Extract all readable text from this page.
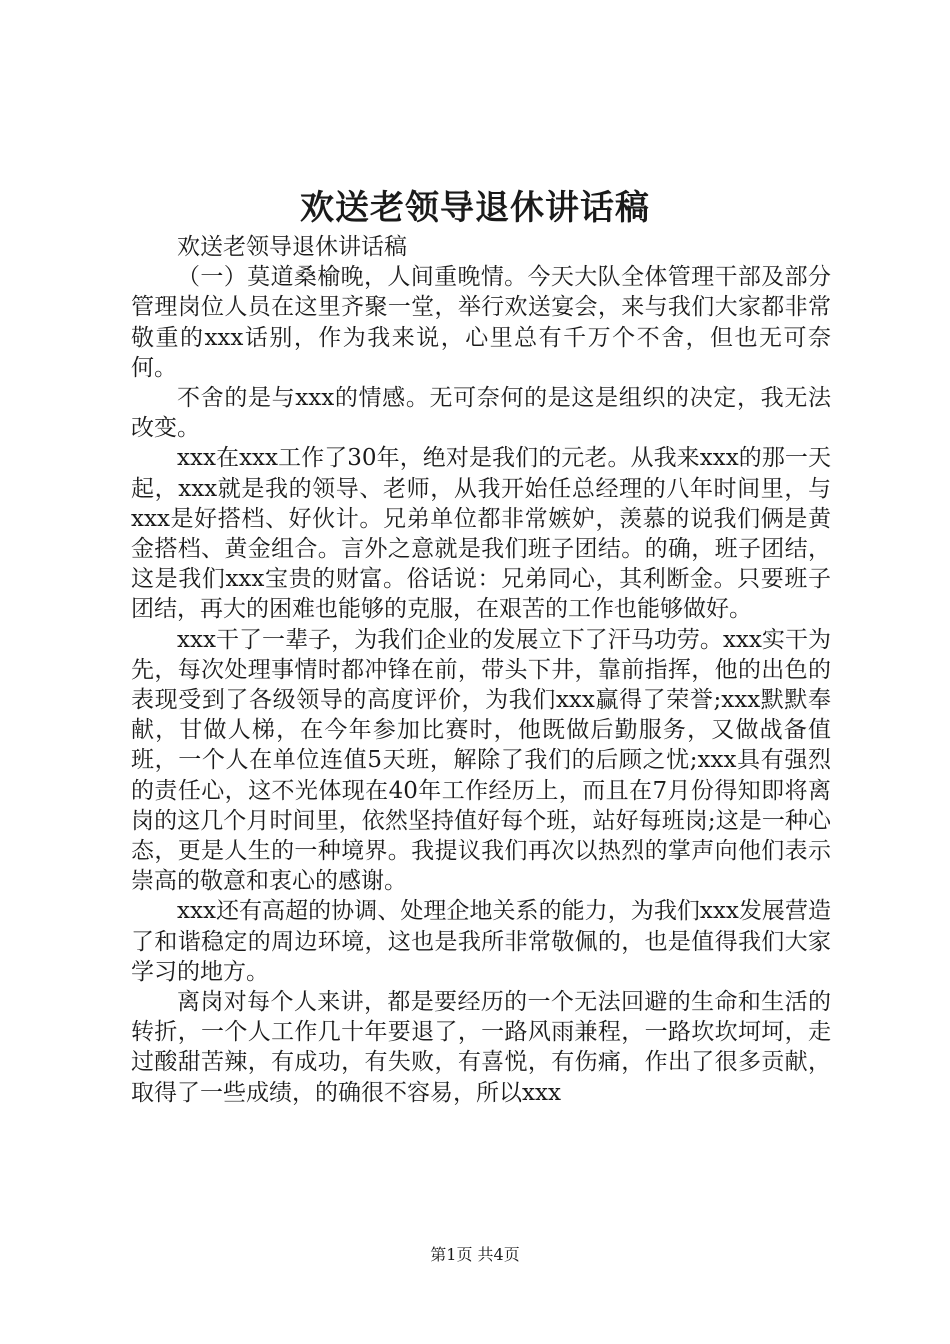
欢送老领导退休讲话稿

欢送老领导退休讲话稿

（一）莫道桑榆晚，人间重晚情。今天大队全体管理干部及部分管理岗位人员在这里齐聚一堂，举行欢送宴会，来与我们大家都非常敬重的xxx话别，作为我来说，心里总有千万个不舍，但也无可奈何。

不舍的是与xxx的情感。无可奈何的是这是组织的决定，我无法改变。

xxx在xxx工作了30年，绝对是我们的元老。从我来xxx的那一天起，xxx就是我的领导、老师，从我开始任总经理的八年时间里，与xxx是好搭档、好伙计。兄弟单位都非常嫉妒，羡慕的说我们俩是黄金搭档、黄金组合。言外之意就是我们班子团结。的确，班子团结，这是我们xxx宝贵的财富。俗话说：兄弟同心，其利断金。只要班子团结，再大的困难也能够的克服，在艰苦的工作也能够做好。

xxx干了一辈子，为我们企业的发展立下了汗马功劳。xxx实干为先，每次处理事情时都冲锋在前，带头下井，靠前指挥，他的出色的表现受到了各级领导的高度评价，为我们xxx赢得了荣誉;xxx默默奉献，甘做人梯，在今年参加比赛时，他既做后勤服务，又做战备值班，一个人在单位连值5天班，解除了我们的后顾之忧;xxx具有强烈的责任心，这不光体现在40年工作经历上，而且在7月份得知即将离岗的这几个月时间里，依然坚持值好每个班，站好每班岗;这是一种心态，更是人生的一种境界。我提议我们再次以热烈的掌声向他们表示崇高的敬意和衷心的感谢。

xxx还有高超的协调、处理企地关系的能力，为我们xxx发展营造了和谐稳定的周边环境，这也是我所非常敬佩的，也是值得我们大家学习的地方。

离岗对每个人来讲，都是要经历的一个无法回避的生命和生活的转折，一个人工作几十年要退了，一路风雨兼程，一路坎坎坷坷，走过酸甜苦辣，有成功，有失败，有喜悦，有伤痛，作出了很多贡献，取得了一些成绩，的确很不容易，所以xxx

第1页 共4页
